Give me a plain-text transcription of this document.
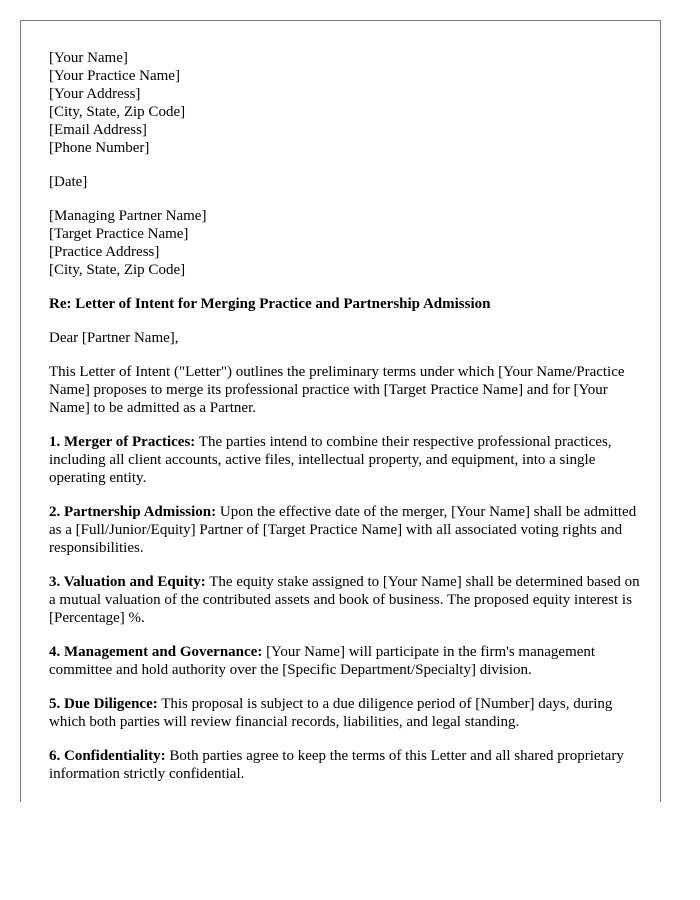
[Your Name]
[Your Practice Name]
[Your Address]
[City, State, Zip Code]
[Email Address]
[Phone Number]
[Date]
[Managing Partner Name]
[Target Practice Name]
[Practice Address]
[City, State, Zip Code]

Re: Letter of Intent for Merging Practice and Partnership Admission

Dear [Partner Name],

This Letter of Intent ("Letter") outlines the preliminary terms under which [Your Name/Practice Name] proposes to merge its professional practice with [Target Practice Name] and for [Your Name] to be admitted as a Partner.

1. Merger of Practices: The parties intend to combine their respective professional practices, including all client accounts, active files, intellectual property, and equipment, into a single operating entity.

2. Partnership Admission: Upon the effective date of the merger, [Your Name] shall be admitted as a [Full/Junior/Equity] Partner of [Target Practice Name] with all associated voting rights and responsibilities.

3. Valuation and Equity: The equity stake assigned to [Your Name] shall be determined based on a mutual valuation of the contributed assets and book of business. The proposed equity interest is [Percentage] %.

4. Management and Governance: [Your Name] will participate in the firm's management committee and hold authority over the [Specific Department/Specialty] division.

5. Due Diligence: This proposal is subject to a due diligence period of [Number] days, during which both parties will review financial records, liabilities, and legal standing.

6. Confidentiality: Both parties agree to keep the terms of this Letter and all shared proprietary information strictly confidential.
